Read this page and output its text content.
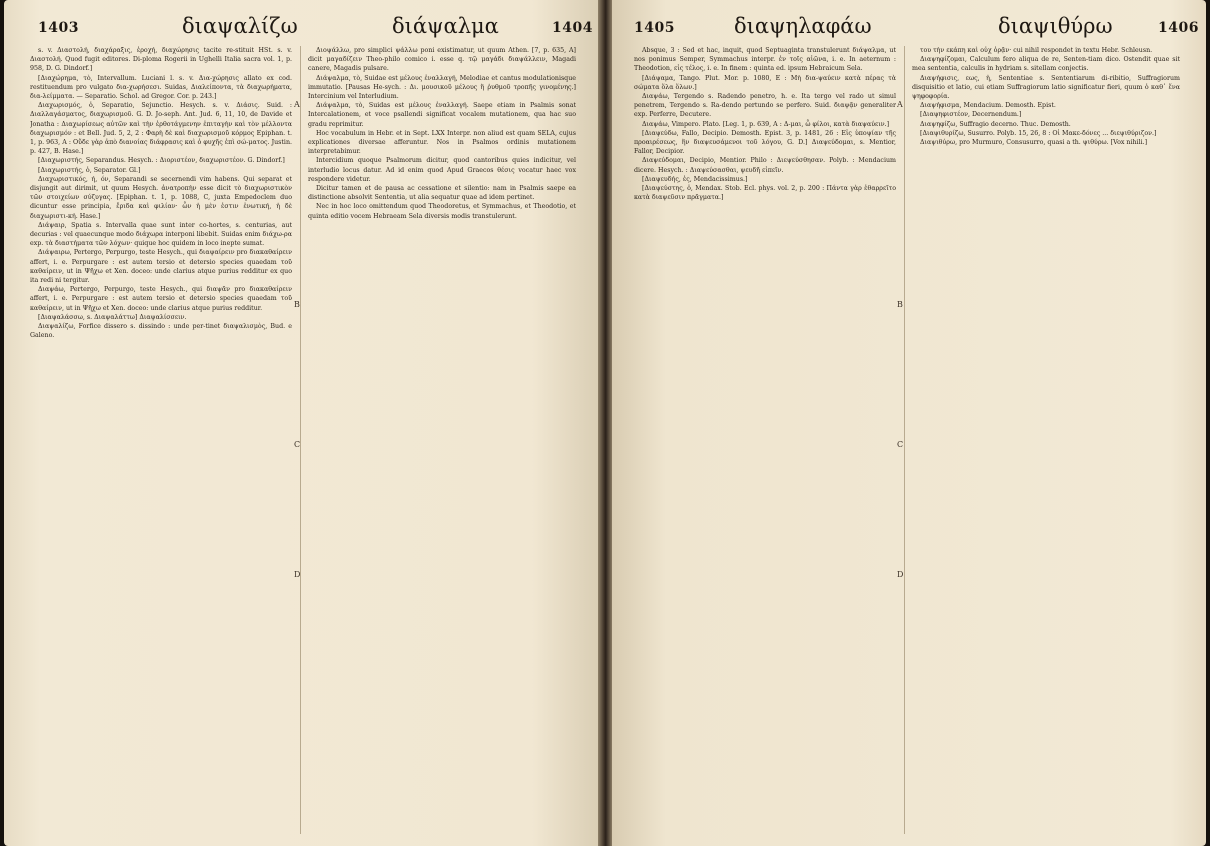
1403	διαψαλίζω	διάψαλμα	1404

s. v. Διαστολή, διαχάραξις, ἐροχή, διαχώρησις tacite re-stituit HSt. s. v. Διαστολή. Quod fugit editores. Di-ploma Rogerii in Ughelli Italia sacra vol. 1, p. 958, D. G. Dindorf.]

[Διαχώρημα, τὸ, Intervallum. Luciani l. s. v. Δια-χώρησις allato ex cod. restituendum pro vulgato δια-χωρήσεσι. Suidas, Διαλείποντα, τὰ διαχωρήματα, δια-λείμματα. — Separatio. Schol. ad Gregor. Cor. p. 243.]

Διαχωρισμός, ὁ, Separatio, Sejunctio. Hesych. s. v. Διάσις. Suid. : Διαλλαγάσματος, διαχωρισμοῦ. G. D. Jo-seph. Ant. Jud. 6, 11, 10, de Davide et Jonatha : Διαχωρίσεως αὐτῶν καὶ τὴν ἐρθοτάγμενην ἐπιταγὴν καὶ τὸν μέλλοντα διαχωρισμόν : et Bell. Jud. 5, 2, 2 : Φαρὴ δὲ καὶ διαχωρισμοῦ κόρμος Epiphan. t. 1, p. 963, A : Οὕδε γὰρ ἀπὸ διανοίας διάφρασις καὶ ὁ φυχῆς ἐπὶ σώ-ματος. Justin. p. 427, B. Hase.]

[Διαχωριστής, Separandus. Hesych. : Διοριστέον, διαχωριστέον. G. Dindorf.]

[Διαχωριστής, ὁ, Separator. Gl.]

Διαχωριστικός, ή, όν, Separandi se secernendi vim habens. Qui separat et disjungit aut dirimit, ut quum Hesych. ἀνατροπὴν esse dicit τὸ διαχωριστικὸν τῶν στοιχείων σύζυγας. [Epiphan. t. 1, p. 1088, C, juxta Empedoclem duo dicuntur esse principia, ἔριδα καὶ φιλίαν· ὧν ἡ μὲν ἐστιν ἑνωτική, ἡ δὲ διαχωριστι-κή. Hase.]

Διάψαιρ, Spatia s. Intervalla quae sunt inter co-hortes, s. centurias, aut decurias : vel quaecunque modo διάχωρα interponi libebit. Suidas enim διάχω-ρα exp. τὰ διαστήματα τῶν λόχων· quique hoc quidem in loco inepte sumat.

Διάψαιρω, Pertergo, Perpurgo, teste Hesych., qui διαψαίρειν pro διακαθαίρειν affert, i. e. Perpurgare : est autem tersio et detersio species quaedam τοῦ καθαίρειν, ut in Ψῆχω et Xen. doceo: unde clarius atque purius redditur ex quo ita redi ni tergitur.

Διαψάω, Pertergo, Perpurgo, teste Hesych., qui διαψᾶν pro διακαθαίρειν affert, i. e. Perpurgare : est autem tersio et detersio species quaedam τοῦ καθαίρειν, ut in Ψῆχω et Xen. doceo: unde clarius atque purius redditur.

[Διαψαλάσσω, s. Διαψαλάττω] Διαψαλίσσειν.

Διαψαλίζω, Forfice dissero s. dissindo : unde per-tinet διαψαλισμὸς, Bud. e Galeno.

A
B
C
D

Διοψάλλω, pro simplici ψάλλω poni existimatur, ut quum Athen. [7, p. 635, A] dicit μαγαδίζειν Theo-philo comico i. esse q. τῷ μαγάδι διαψάλλειν, Magadi canere, Magadis pulsare.

Διάψαλμα, τὸ, Suidae est μέλους ἐναλλαγή, Melodiae et cantus modulationisque immutatio. [Pausas He-sych. : Δι. μουσικοῦ μέλους ἢ ῥυθμοῦ τροπῆς γινομένης.] Intercinium vel Interludium.

Διάψαλμα, τὸ, Suidas est μέλους ἐναλλαγή. Saepe etiam in Psalmis sonat Intercalationem, et voce psallendi significat vocalem mutationem, qua hac suo gradu reprimitur.

Hoc vocabulum in Hebr. et in Sept. LXX Interpr. non aliud est quam SELA, cujus explicationes diversae afferuntur. Nos in Psalmos ordinis mutationem interpretabimur.

Intercidium quoque Psalmorum dicitur, quod cantoribus quies indicitur, vel interludio locus datur. Ad id enim quod Apud Graecos θέσις vocatur haec vox respondere videtur.

Dicitur tamen et de pausa ac cessatione et silentio: nam in Psalmis saepe ea distinctione absolvit Sententia, ut alia sequatur quae ad idem pertinet.

Nec in hoc loco omittendum quod Theodoretus, et Symmachus, et Theodotio, et quinta editio vocem Hebraeam Sela diversis modis transtulerunt.

1405	διαψηλαφάω	διαψιθύρω	1406

Absque, 3 : Sed et hac, inquit, quod Septuaginta transtulerunt διάψαλμα, ut nos ponimus Semper, Symmachus interpr. ἐν τοῖς αἰῶνα, i. e. In aeternum : Theodotion, εἰς τέλος, i. e. In finem : quinta ed. ipsum Hebraicum Sela.

[Διάψαμα, Tango. Plut. Mor. p. 1080, E : Μὴ δια-ψαύειν κατὰ πέρας τὰ σώματα ὅλα ὅλων.]

Διαψάω, Tergendo s. Radendo penetro, h. e. Ita tergo vel rado ut simul penetrem, Tergendo s. Ra-dendo pertundo se perfero. Suid. διαψᾷν generaliter exp. Perferre, Decutere.

Διαψάω, Vimpero. Plato. [Leg. 1, p. 639, A : Δ-μαι, ὦ φίλοι, κατὰ διαψαύειν.]

[Διαψεύδω, Fallo, Decipio. Demosth. Epist. 3, p. 1481, 26 : Εἰς ὑποψίαν τῆς προαιρέσεως, ἣν διαψευσάμενοι τοῦ λόγου, G. D.] Διαψεύδομαι, s. Mentior, Fallor, Decipior.

Διαψεύδομαι, Decipio, Mentior. Philo : Διεψεύσθησαν. Polyb. : Mendacium dicere. Hesych. : Διαψεύσασθαι, ψευδῆ εἰπεῖν.

[Διαψευδής, ἐς, Mendacissimus.]

[Διαψεύστης, ὁ, Mendax. Stob. Ecl. phys. vol. 2, p. 200 : Πάντα γὰρ ἐθαρρεῖτο κατὰ διαψεῦσιν πρᾶγματα.]

A
B
C
D

του τὴν εκάπη καὶ οὐχ ὁρᾷν· cui nihil respondet in textu Hebr. Schleusn.

Διαψηφίζομαι, Calculum fero aliqua de re, Senten-tiam dico. Ostendit quae sit mea sententia, calculis in hydriam s. sitellam conjectis.

Διαψήφισις, εως, ἡ, Sententiae s. Sententiarum di-ribitio, Suffragiorum disquisitio et latio, cui etiam Suffragiorum latio significatur fieri, quum ὁ καθ᾽ ἕνα ψηφοφορία.

Διαψήφισμα, Mendacium. Demosth. Epist.

[Διαψηφιστέον, Decernendum.]

Διαψηφίζω, Suffragio decerno. Thuc. Demosth.

[Διαψιθυρίζω, Susurro. Polyb. 15, 26, 8 : Οἱ Μακε-δόνες ... διεψιθύριζον.]

Διαψιθύρω, pro Murmuro, Consusurro, quasi a th. ψιθύρω. [Vox nihili.]
